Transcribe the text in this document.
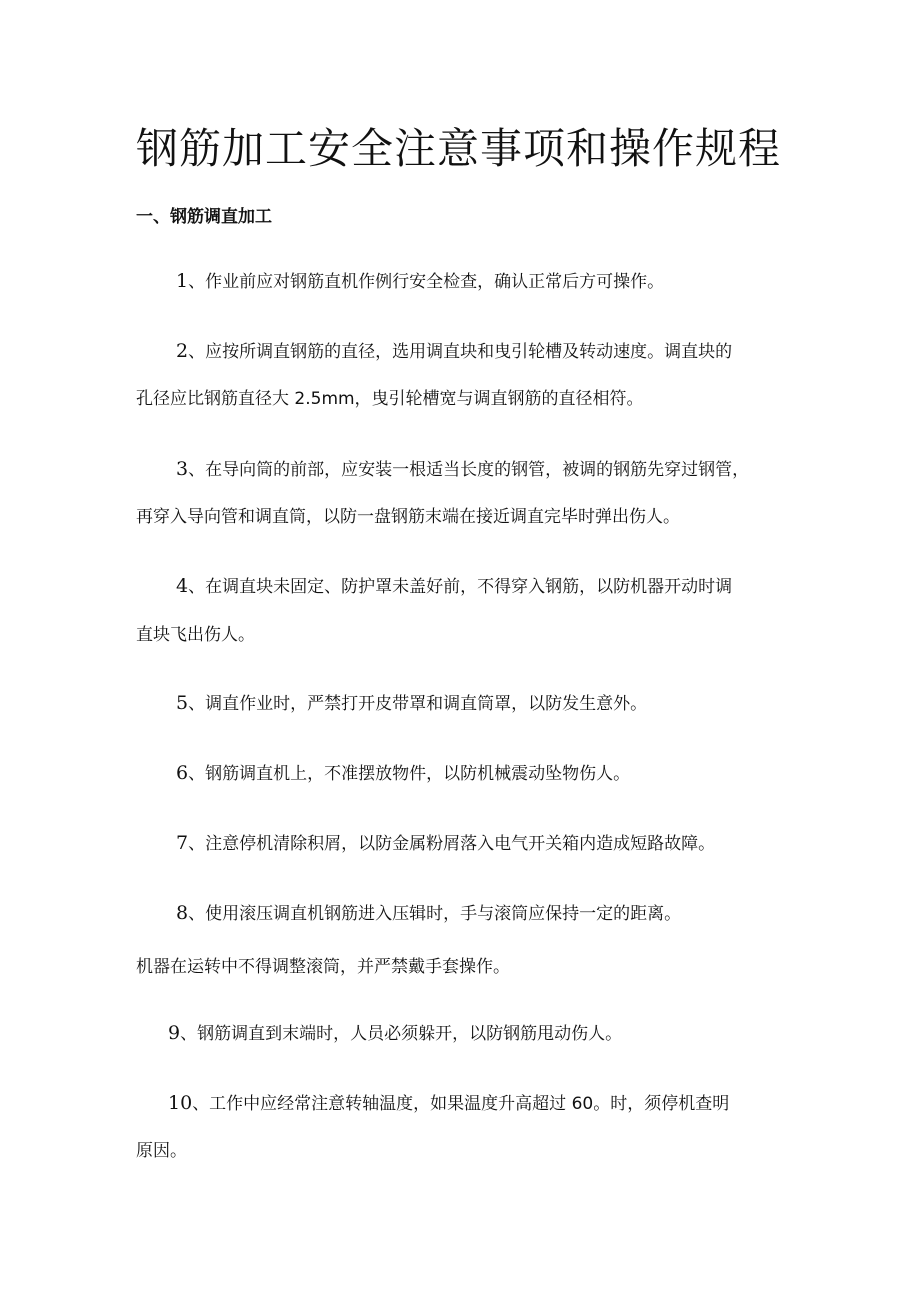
钢筋加工安全注意事项和操作规程
一、钢筋调直加工

1、作业前应对钢筋直机作例行安全检查，确认正常后方可操作。

2、应按所调直钢筋的直径，选用调直块和曳引轮槽及转动速度。调直块的

孔径应比钢筋直径大 2.5mm，曳引轮槽宽与调直钢筋的直径相符。

3、在导向筒的前部，应安装一根适当长度的钢管，被调的钢筋先穿过钢管，

再穿入导向管和调直筒，以防一盘钢筋末端在接近调直完毕时弹出伤人。

4、在调直块未固定、防护罩未盖好前，不得穿入钢筋，以防机器开动时调

直块飞出伤人。

5、调直作业时，严禁打开皮带罩和调直筒罩，以防发生意外。

6、钢筋调直机上，不准摆放物件，以防机械震动坠物伤人。

7、注意停机清除积屑，以防金属粉屑落入电气开关箱内造成短路故障。

8、使用滚压调直机钢筋进入压辑时，手与滚筒应保持一定的距离。

机器在运转中不得调整滚筒，并严禁戴手套操作。

9、钢筋调直到末端时，人员必须躲开，以防钢筋甩动伤人。

10、工作中应经常注意转轴温度，如果温度升高超过 60。时，须停机查明

原因。
